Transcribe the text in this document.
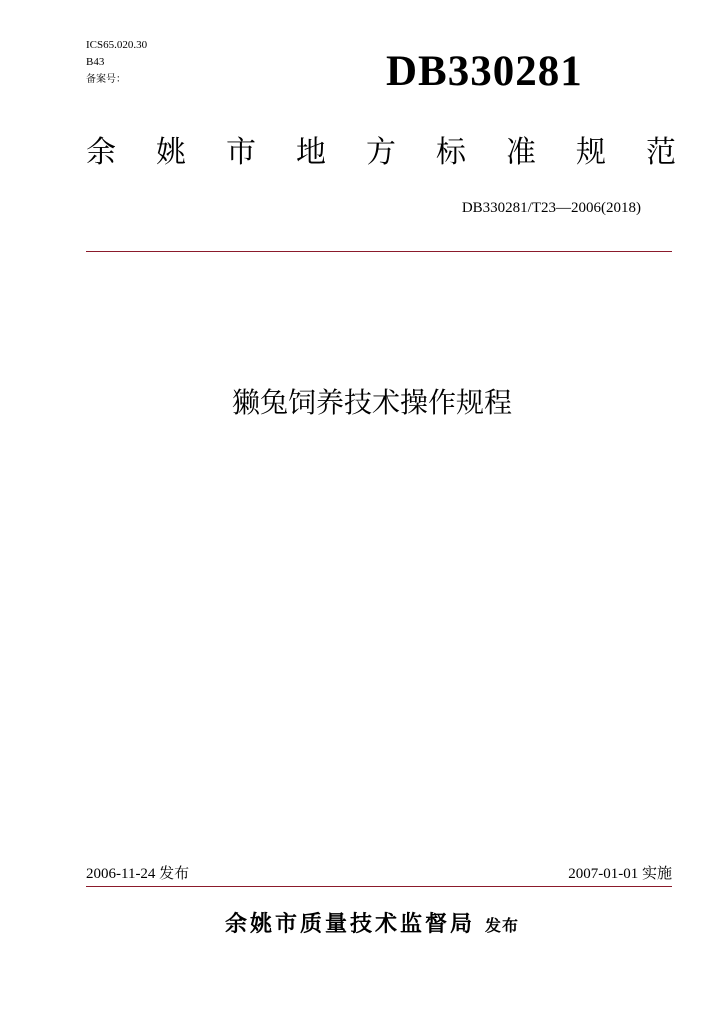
ICS65.020.30
B43
备案号：	DB330281
余 姚 市 地 方 标 准 规 范
DB330281/T23—2006(2018)
獭兔饲养技术操作规程
2006-11-24 发布	2007-01-01 实施
余姚市质量技术监督局 发布
